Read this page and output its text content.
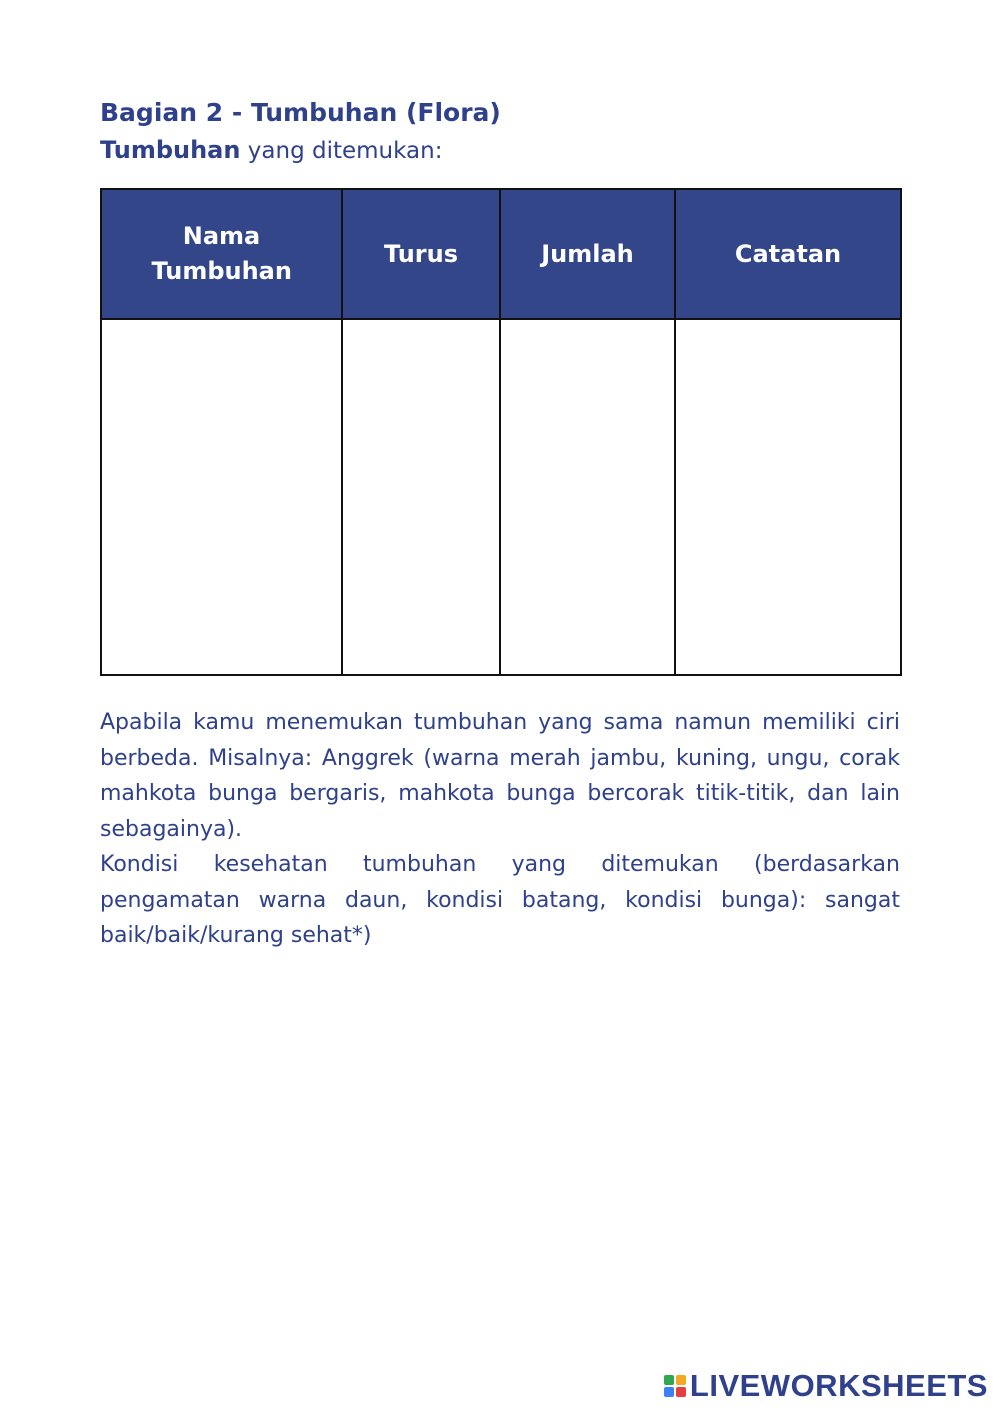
Bagian 2 - Tumbuhan (Flora)

Tumbuhan yang ditemukan:

Nama Tumbuhan	Turus	Jumlah	Catatan

Apabila kamu menemukan tumbuhan yang sama namun memiliki ciri berbeda. Misalnya: Anggrek (warna merah jambu, kuning, ungu, corak mahkota bunga bergaris, mahkota bunga bercorak titik-titik, dan lain sebagainya).

Kondisi kesehatan tumbuhan yang ditemukan (berdasarkan pengamatan warna daun, kondisi batang, kondisi bunga): sangat baik/baik/kurang sehat*)

LIVEWORKSHEETS
